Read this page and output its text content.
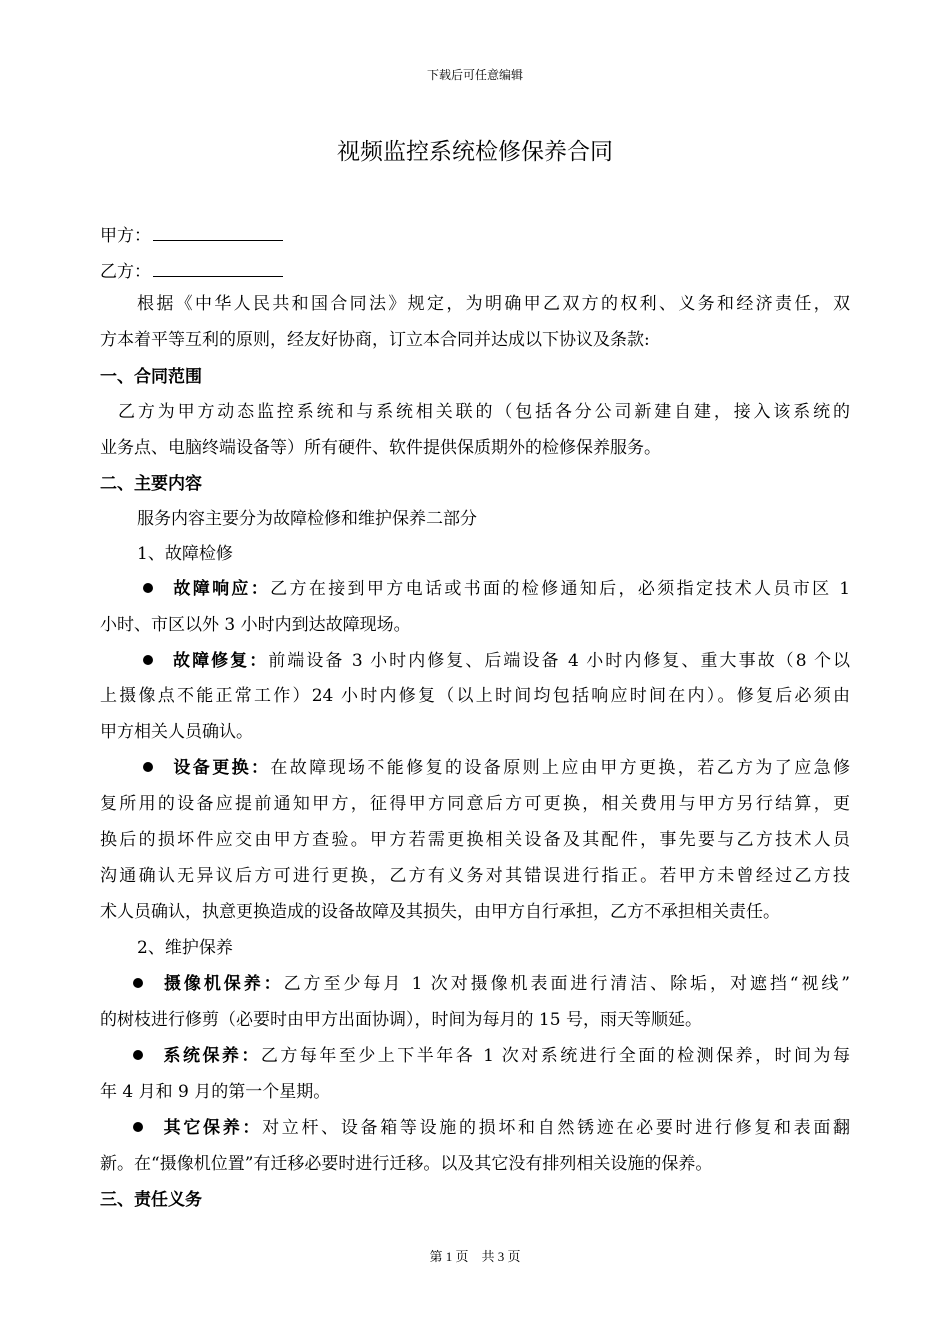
下载后可任意编辑
视频监控系统检修保养合同
甲方：
乙方：
根据《中华人民共和国合同法》规定，为明确甲乙双方的权利、义务和经济责任，双
方本着平等互利的原则，经友好协商，订立本合同并达成以下协议及条款:
一、合同范围
乙方为甲方动态监控系统和与系统相关联的（包括各分公司新建自建，接入该系统的
业务点、电脑终端设备等）所有硬件、软件提供保质期外的检修保养服务。
二、主要内容
服务内容主要分为故障检修和维护保养二部分
1、故障检修
故障响应：乙方在接到甲方电话或书面的检修通知后，必须指定技术人员市区 1
小时、市区以外 3 小时内到达故障现场。
故障修复：前端设备 3 小时内修复、后端设备 4 小时内修复、重大事故（8 个以
上摄像点不能正常工作）24 小时内修复（以上时间均包括响应时间在内）。修复后必须由
甲方相关人员确认。
设备更换：在故障现场不能修复的设备原则上应由甲方更换，若乙方为了应急修
复所用的设备应提前通知甲方，征得甲方同意后方可更换，相关费用与甲方另行结算，更
换后的损坏件应交由甲方查验。甲方若需更换相关设备及其配件，事先要与乙方技术人员
沟通确认无异议后方可进行更换，乙方有义务对其错误进行指正。若甲方未曾经过乙方技
术人员确认，执意更换造成的设备故障及其损失，由甲方自行承担，乙方不承担相关责任。
2、维护保养
摄像机保养：乙方至少每月 1 次对摄像机表面进行清洁、除垢，对遮挡“视线”
的树枝进行修剪（必要时由甲方出面协调），时间为每月的 15 号，雨天等顺延。
系统保养：乙方每年至少上下半年各 1 次对系统进行全面的检测保养，时间为每
年 4 月和 9 月的第一个星期。
其它保养：对立杆、设备箱等设施的损坏和自然锈迹在必要时进行修复和表面翻
新。在“摄像机位置”有迁移必要时进行迁移。以及其它没有排列相关设施的保养。
三、责任义务
第 1 页　共 3 页
